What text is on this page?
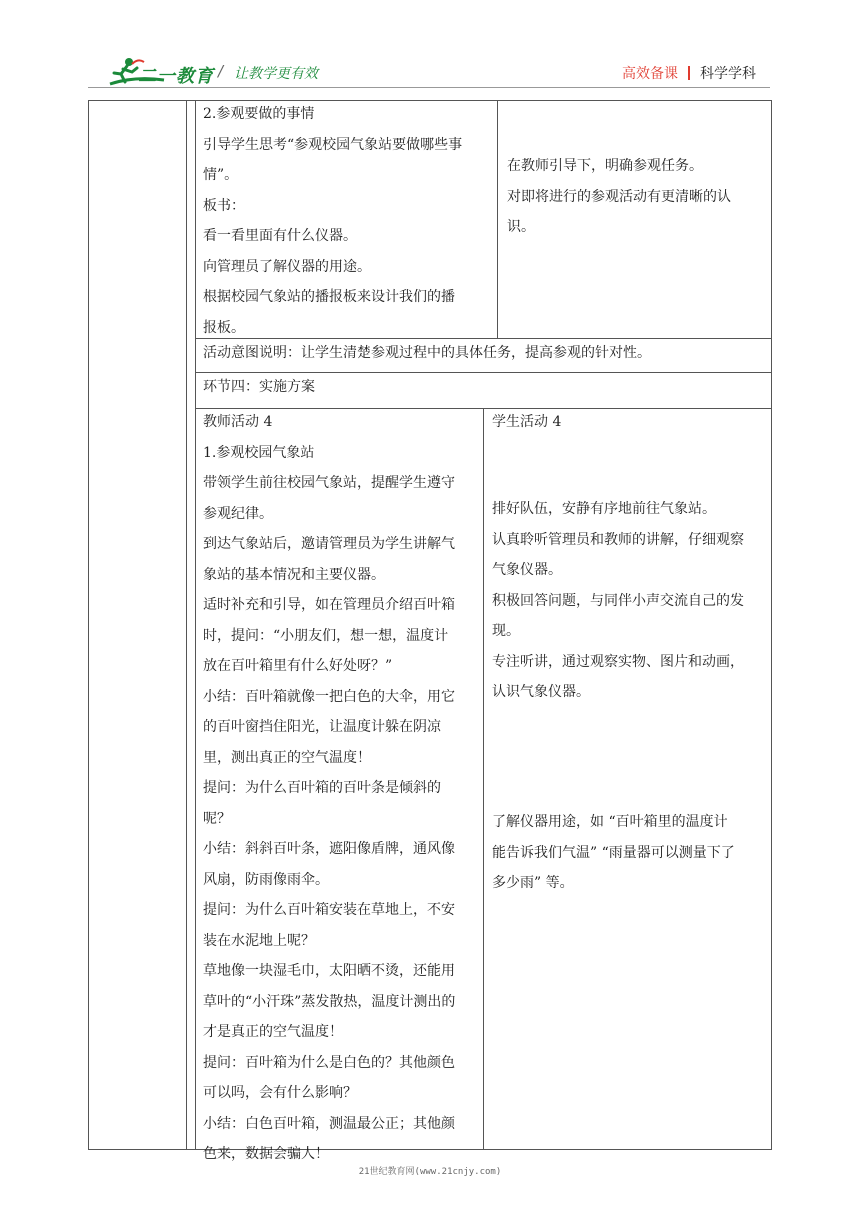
二一教育 / 让教学更有效	高效备课 科学学科

2.参观要做的事情

引导学生思考“参观校园气象站要做哪些事

情”。

板书：

看一看里面有什么仪器。

向管理员了解仪器的用途。

根据校园气象站的播报板来设计我们的播

报板。

在教师引导下，明确参观任务。

对即将进行的参观活动有更清晰的认

识。

活动意图说明：让学生清楚参观过程中的具体任务，提高参观的针对性。

环节四：实施方案

教师活动 4

1.参观校园气象站

带领学生前往校园气象站，提醒学生遵守

参观纪律。

到达气象站后，邀请管理员为学生讲解气

象站的基本情况和主要仪器。

适时补充和引导，如在管理员介绍百叶箱

时，提问：“小朋友们，想一想，温度计

放在百叶箱里有什么好处呀？”

小结：百叶箱就像一把白色的大伞，用它

的百叶窗挡住阳光，让温度计躲在阴凉

里，测出真正的空气温度！

提问：为什么百叶箱的百叶条是倾斜的

呢？

小结：斜斜百叶条，遮阳像盾牌，通风像

风扇，防雨像雨伞。

提问：为什么百叶箱安装在草地上，不安

装在水泥地上呢？

草地像一块湿毛巾，太阳晒不烫，还能用

草叶的“小汗珠”蒸发散热，温度计测出的

才是真正的空气温度！

提问：百叶箱为什么是白色的？其他颜色

可以吗，会有什么影响？

小结：白色百叶箱，测温最公正；其他颜

色来，数据会骗人！

学生活动 4

排好队伍，安静有序地前往气象站。

认真聆听管理员和教师的讲解，仔细观察

气象仪器。

积极回答问题，与同伴小声交流自己的发

现。

专注听讲，通过观察实物、图片和动画，

认识气象仪器。

了解仪器用途，如 “百叶箱里的温度计

能告诉我们气温” “雨量器可以测量下了

多少雨” 等。

21世纪教育网(www.21cnjy.com)
